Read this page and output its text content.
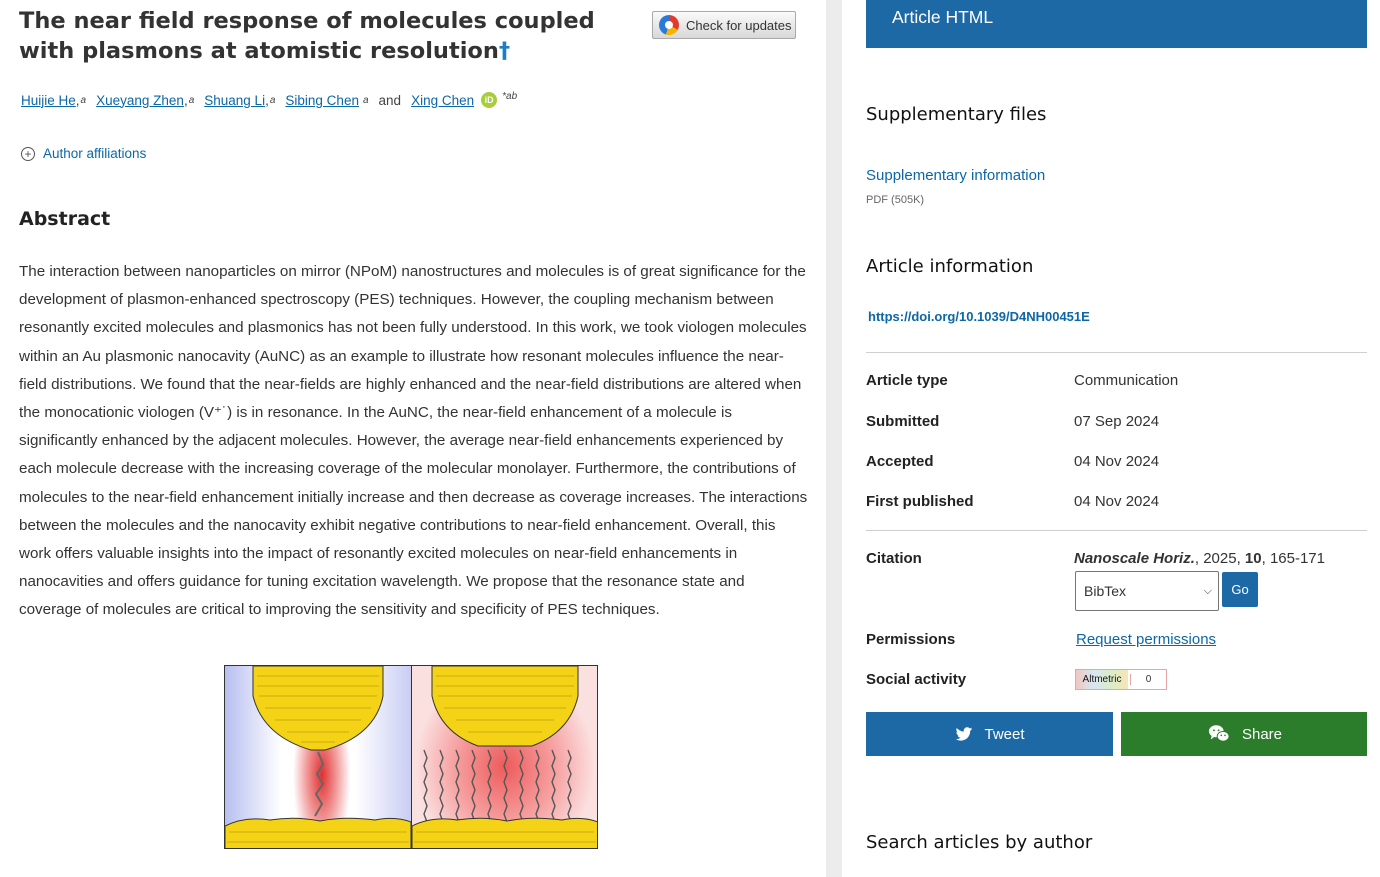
The near field response of molecules coupled with plasmons at atomistic resolution†
Check for updates
Huijie He , a Xueyang Zhen , a Shuang Li , a Sibing Chen a and Xing Chen	iD $^{*ab}$
+ Author affiliations
Abstract

The interaction between nanoparticles on mirror (NPoM) nanostructures and molecules is of great significance for the development of plasmon-enhanced spectroscopy (PES) techniques. However, the coupling mechanism between resonantly excited molecules and plasmonics has not been fully understood. In this work, we took viologen molecules within an Au plasmonic nanocavity (AuNC) as an example to illustrate how resonant molecules influence the near-field distributions. We found that the near-fields are highly enhanced and the near-field distributions are altered when the monocationic viologen (V⁺˙) is in resonance. In the AuNC, the near-field enhancement of a molecule is significantly enhanced by the adjacent molecules. However, the average near-field enhancements experienced by each molecule decrease with the increasing coverage of the molecular monolayer. Furthermore, the contributions of molecules to the near-field enhancement initially increase and then decrease as coverage increases. The interactions between the molecules and the nanocavity exhibit negative contributions to near-field enhancement. Overall, this work offers valuable insights into the impact of resonantly excited molecules on near-field enhancements in nanocavities and offers guidance for tuning excitation wavelength. We propose that the resonance state and coverage of molecules are critical to improving the sensitivity and specificity of PES techniques.

Article HTML
Supplementary files
Supplementary information
PDF (505K)
Article information
https://doi.org/10.1039/D4NH00451E
Article type	Communication
Submitted	07 Sep 2024
Accepted	04 Nov 2024
First published	04 Nov 2024
Citation	Nanoscale Horiz., 2025, 10, 165-171
BibTex	⌵	Go
Permissions	Request permissions
Social activity	Altmetric	0
Tweet	Share
Search articles by author
